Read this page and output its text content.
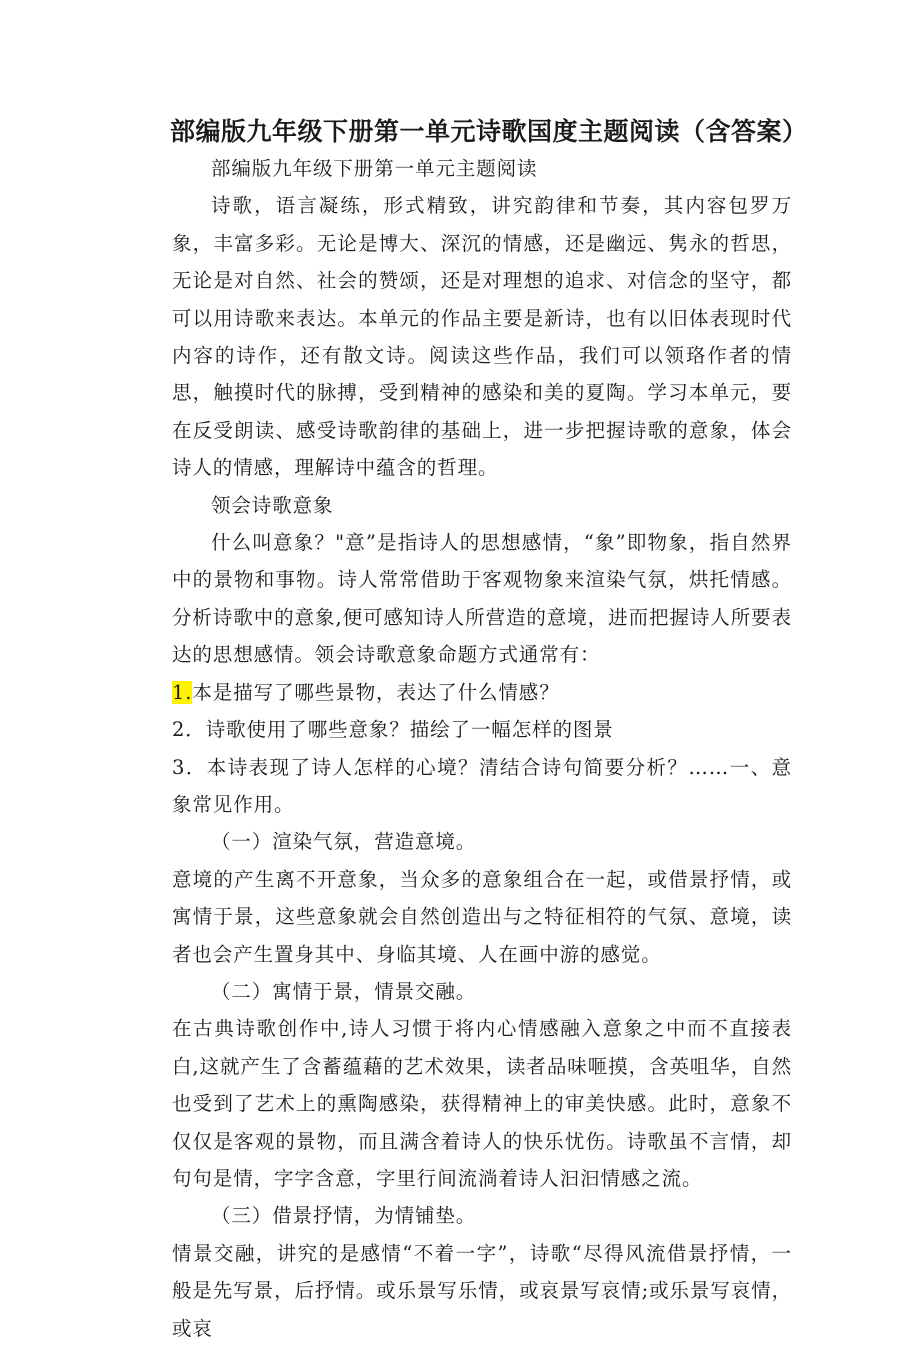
部编版九年级下册第一单元诗歌国度主题阅读（含答案）

部编版九年级下册第一单元主题阅读

诗歌，语言凝练，形式精致，讲究韵律和节奏，其内容包罗万象，丰富多彩。无论是博大、深沉的情感，还是幽远、隽永的哲思，无论是对自然、社会的赞颂，还是对理想的追求、对信念的坚守，都可以用诗歌来表达。本单元的作品主要是新诗，也有以旧体表现时代内容的诗作，还有散文诗。阅读这些作品，我们可以领珞作者的情思，触摸时代的脉搏，受到精神的感染和美的夏陶。学习本单元，要在反受朗读、感受诗歌韵律的基础上，进一步把握诗歌的意象，体会诗人的情感，理解诗中蕴含的哲理。

领会诗歌意象

什么叫意象？"意”是指诗人的思想感情，“象”即物象，指自然界中的景物和事物。诗人常常借助于客观物象来渲染气氛，烘托情感。分析诗歌中的意象,便可感知诗人所营造的意境，进而把握诗人所要表达的思想感情。领会诗歌意象命题方式通常有：

1.本是描写了哪些景物，表达了什么情感？

2．诗歌使用了哪些意象？描绘了一幅怎样的图景

3．本诗表现了诗人怎样的心境？清结合诗句简要分析？……一、意象常见作用。

（一）渲染气氛，营造意境。

意境的产生离不开意象，当众多的意象组合在一起，或借景抒情，或寓情于景，这些意象就会自然创造出与之特征相符的气氛、意境，读者也会产生置身其中、身临其境、人在画中游的感觉。

（二）寓情于景，情景交融。

在古典诗歌创作中,诗人习惯于将内心情感融入意象之中而不直接表白,这就产生了含蓄蕴藉的艺术效果，读者品味咂摸，含英咀华，自然也受到了艺术上的熏陶感染，获得精神上的审美快感。此时，意象不仅仅是客观的景物，而且满含着诗人的快乐忧伤。诗歌虽不言情，却句句是情，字字含意，字里行间流淌着诗人汩汩情感之流。

（三）借景抒情，为情铺垫。

情景交融，讲究的是感情“不着一字”，诗歌“尽得风流借景抒情，一般是先写景，后抒情。或乐景写乐情，或哀景写哀情;或乐景写哀情，或哀
